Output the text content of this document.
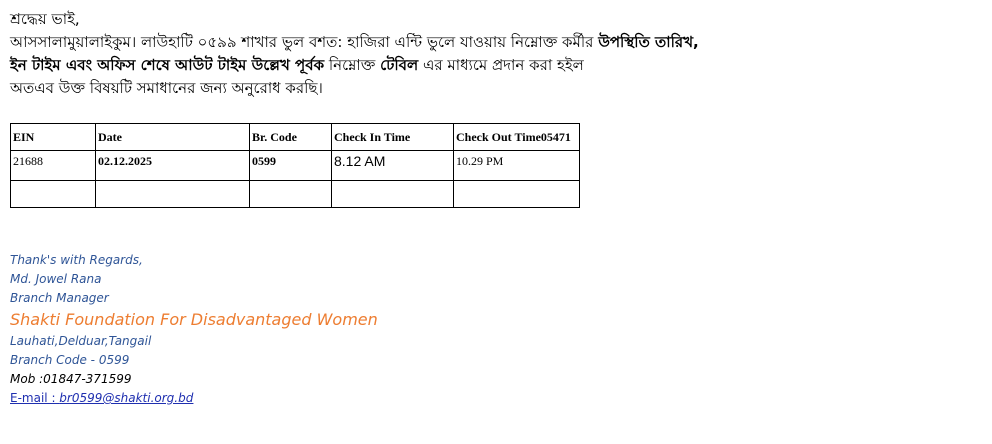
শ্রদ্ধেয় ভাই,

আসসালামুয়ালাইকুম। লাউহাটি ০৫৯৯ শাখার ভুল বশত: হাজিরা এন্টি ভুলে যাওয়ায় নিম্নোক্ত কর্মীর উপস্থিতি তারিখ,

ইন টাইম এবং অফিস শেষে আউট টাইম উল্লেখ পূর্বক নিম্নোক্ত টেবিল এর মাধ্যমে প্রদান করা হইল

অতএব উক্ত বিষয়টি সমাধানের জন্য অনুরোধ করছি।

EIN	Date	Br. Code	Check In Time	Check Out Time05471
21688	02.12.2025	0599	8.12 AM	10.29 PM

Thank's with Regards,
Md. Jowel Rana
Branch Manager
Shakti Foundation For Disadvantaged Women
Lauhati,Delduar,Tangail
Branch Code - 0599
Mob :01847-371599
E-mail : br0599@shakti.org.bd
